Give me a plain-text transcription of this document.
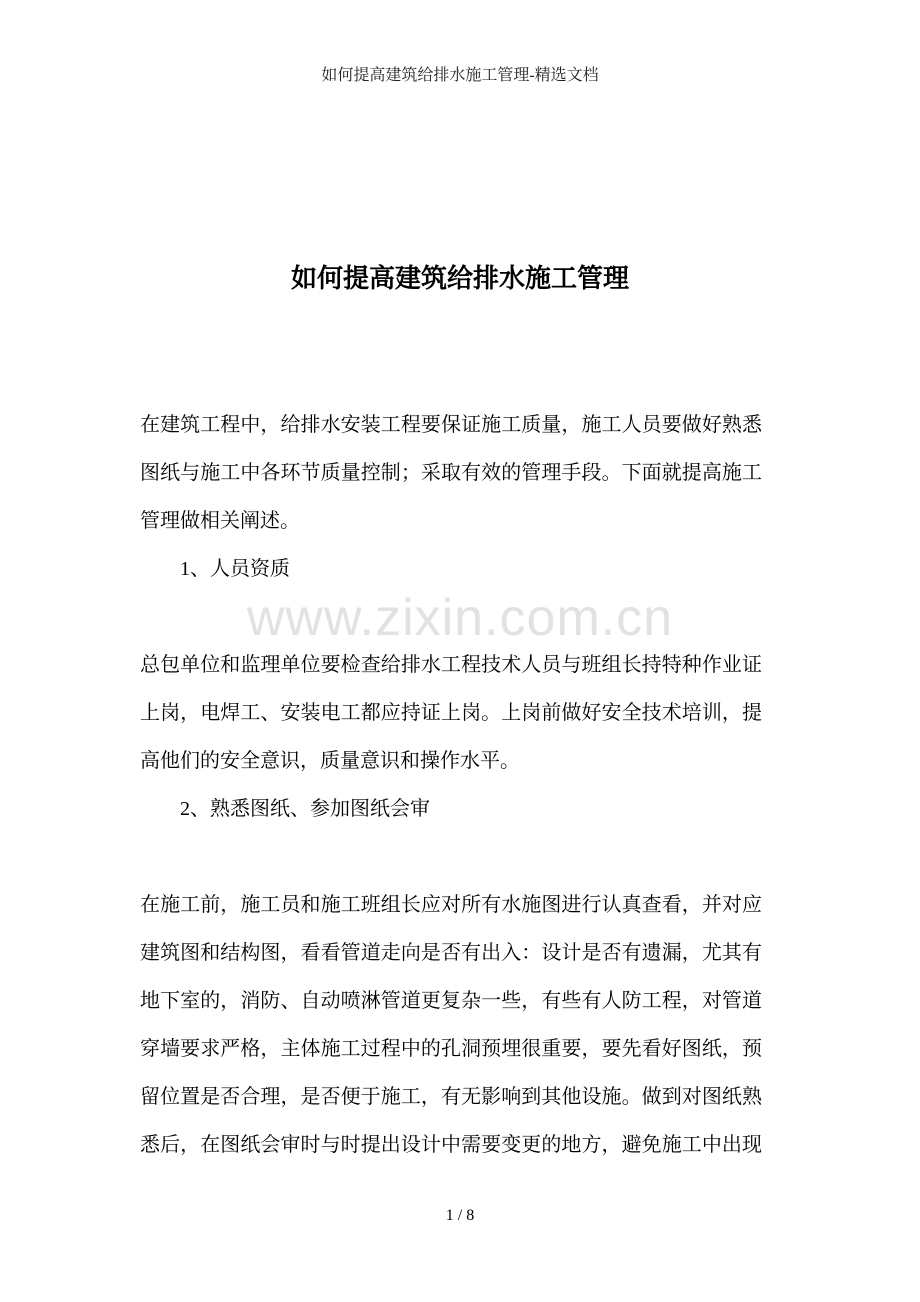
如何提高建筑给排水施工管理-精选文档
如何提高建筑给排水施工管理
www.zixin.com.cn
在建筑工程中，给排水安装工程要保证施工质量，施工人员要做好熟悉
图纸与施工中各环节质量控制；采取有效的管理手段。下面就提高施工
管理做相关阐述。
1、人员资质
总包单位和监理单位要检查给排水工程技术人员与班组长持特种作业证
上岗，电焊工、安装电工都应持证上岗。上岗前做好安全技术培训，提
高他们的安全意识，质量意识和操作水平。
2、熟悉图纸、参加图纸会审
在施工前，施工员和施工班组长应对所有水施图进行认真查看，并对应
建筑图和结构图，看看管道走向是否有出入：设计是否有遗漏，尤其有
地下室的，消防、自动喷淋管道更复杂一些，有些有人防工程，对管道
穿墙要求严格，主体施工过程中的孔洞预埋很重要，要先看好图纸，预
留位置是否合理，是否便于施工，有无影响到其他设施。做到对图纸熟
悉后，在图纸会审时与时提出设计中需要变更的地方，避免施工中出现
1 / 8
